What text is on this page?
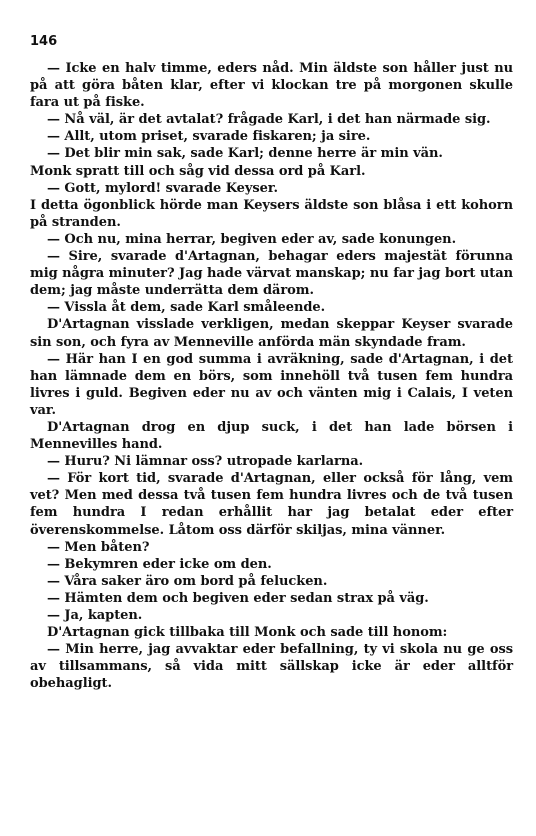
146

— Icke en halv timme, eders nåd. Min äldste son håller just nu på att göra båten klar, efter vi klockan tre på morgonen skulle fara ut på fiske.

— Nå väl, är det avtalat? frågade Karl, i det han närmade sig.

— Allt, utom priset, svarade fiskaren; ja sire.

— Det blir min sak, sade Karl; denne herre är min vän.

Monk spratt till och såg vid dessa ord på Karl.

— Gott, mylord! svarade Keyser.

I detta ögonblick hörde man Keysers äldste son blåsa i ett kohorn på stranden.

— Och nu, mina herrar, begiven eder av, sade konungen.

— Sire, svarade d'Artagnan, behagar eders majestät förunna mig några minuter? Jag hade värvat manskap; nu far jag bort utan dem; jag måste underrätta dem därom.

— Vissla åt dem, sade Karl småleende.

D'Artagnan visslade verkligen, medan skeppar Keyser svarade sin son, och fyra av Menneville anförda män skyndade fram.

— Här han I en god summa i avräkning, sade d'Artagnan, i det han lämnade dem en börs, som innehöll två tusen fem hundra livres i guld. Begiven eder nu av och vänten mig i Calais, I veten var.

D'Artagnan drog en djup suck, i det han lade börsen i Mennevilles hand.

— Huru? Ni lämnar oss? utropade karlarna.

— För kort tid, svarade d'Artagnan, eller också för lång, vem vet? Men med dessa två tusen fem hundra livres och de två tusen fem hundra I redan erhållit har jag betalat eder efter överenskommelse. Låtom oss därför skiljas, mina vänner.

— Men båten?

— Bekymren eder icke om den.

— Våra saker äro om bord på felucken.

— Hämten dem och begiven eder sedan strax på väg.

— Ja, kapten.

D'Artagnan gick tillbaka till Monk och sade till honom:

— Min herre, jag avvaktar eder befallning, ty vi skola nu ge oss av tillsammans, så vida mitt sällskap icke är eder alltför obehagligt.
